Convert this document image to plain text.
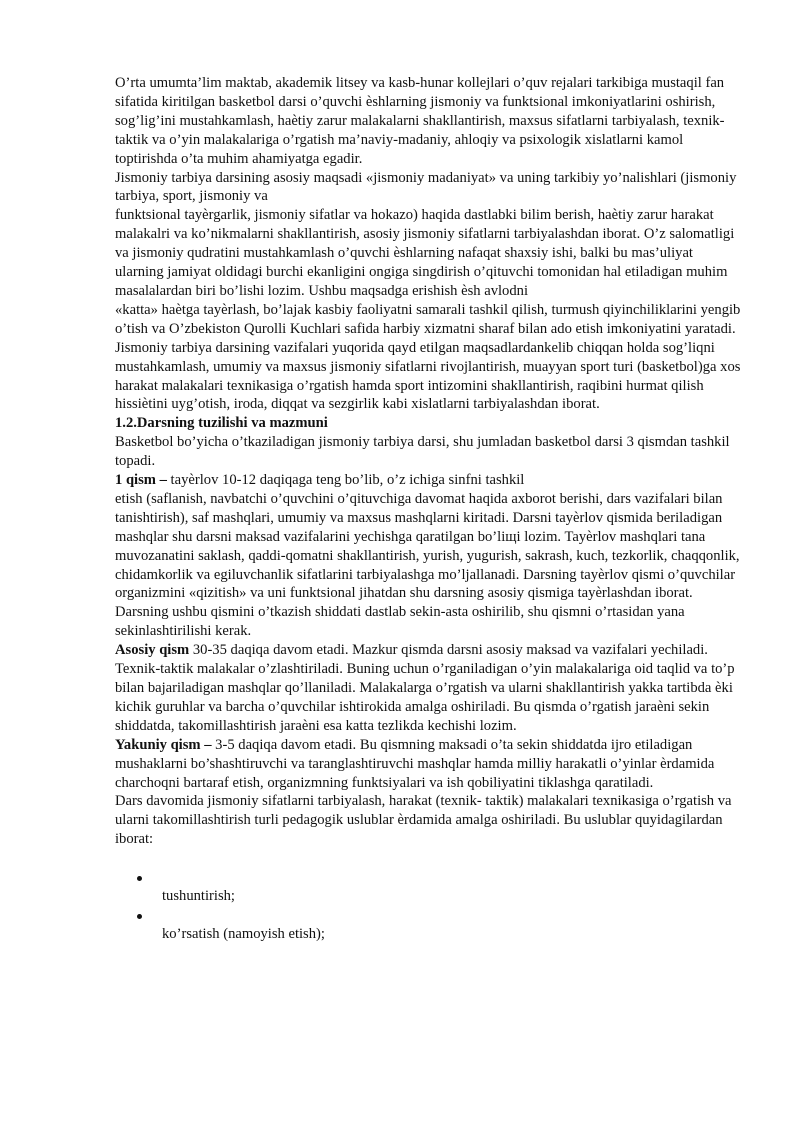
O’rta umumta’lim maktab, akademik litsey va kasb-hunar kollejlari o’quv rejalari tarkibiga mustaqil fan sifatida kiritilgan basketbol darsi o’quvchi èshlarning jismoniy va funktsional imkoniyatlarini oshirish, sog’lig’ini mustahkamlash, haètiy zarur malakalarni shakllantirish, maxsus sifatlarni tarbiyalash, texnik-taktik va o’yin malakalariga o’rgatish ma’naviy-madaniy, ahloqiy va psixologik xislatlarni kamol toptirishda o’ta muhim ahamiyatga egadir.

Jismoniy tarbiya darsining asosiy maqsadi «jismoniy madaniyat» va uning tarkibiy yo’nalishlari (jismoniy tarbiya, sport, jismoniy va

funktsional tayèrgarlik, jismoniy sifatlar va hokazo) haqida dastlabki bilim berish, haètiy zarur harakat malakalri va ko’nikmalarni shakllantirish, asosiy jismoniy sifatlarni tarbiyalashdan iborat. O’z salomatligi va jismoniy qudratini mustahkamlash o’quvchi èshlarning nafaqat shaxsiy ishi, balki bu mas’uliyat ularning jamiyat oldidagi burchi ekanligini ongiga singdirish o’qituvchi tomonidan hal etiladigan muhim masalalardan biri bo’lishi lozim. Ushbu maqsadga erishish èsh avlodni

«katta» haètga tayèrlash, bo’lajak kasbiy faoliyatni samarali tashkil qilish, turmush qiyinchiliklarini yengib o’tish va O’zbekiston Qurolli Kuchlari safida harbiy xizmatni sharaf bilan ado etish imkoniyatini yaratadi.

Jismoniy tarbiya darsining vazifalari yuqorida qayd etilgan maqsadlardankelib chiqqan holda sog’liqni mustahkamlash, umumiy va maxsus jismoniy sifatlarni rivojlantirish, muayyan sport turi (basketbol)ga xos harakat malakalari texnikasiga o’rgatish hamda sport intizomini shakllantirish, raqibini hurmat qilish hissiètini uyg’otish, iroda, diqqat va sezgirlik kabi xislatlarni tarbiyalashdan iborat.

1.2.Darsning tuzilishi va mazmuni

Basketbol bo’yicha o’tkaziladigan jismoniy tarbiya darsi, shu jumladan basketbol darsi 3 qismdan tashkil topadi.

1 qism – tayèrlov 10-12 daqiqaga teng bo’lib, o’z ichiga sinfni tashkil

etish (saflanish, navbatchi o’quvchini o’qituvchiga davomat haqida axborot berishi, dars vazifalari bilan tanishtirish), saf mashqlari, umumiy va maxsus mashqlarni kiritadi. Darsni tayèrlov qismida beriladigan mashqlar shu darsni maksad vazifalarini yechishga qaratilgan bo’liщi lozim. Tayèrlov mashqlari tana muvozanatini saklash, qaddi-qomatni shakllantirish, yurish, yugurish, sakrash, kuch, tezkorlik, chaqqonlik, chidamkorlik va egiluvchanlik sifatlarini tarbiyalashga mo’ljallanadi. Darsning tayèrlov qismi o’quvchilar organizmini «qizitish» va uni funktsional jihatdan shu darsning asosiy qismiga tayèrlashdan iborat. Darsning ushbu qismini o’tkazish shiddati dastlab sekin-asta oshirilib, shu qismni o’rtasidan yana sekinlashtirilishi kerak.

Asosiy qism 30-35 daqiqa davom etadi. Mazkur qismda darsni asosiy maksad va vazifalari yechiladi. Texnik-taktik malakalar o’zlashtiriladi. Buning uchun o’rganiladigan o’yin malakalariga oid taqlid va to’p bilan bajariladigan mashqlar qo’llaniladi. Malakalarga o’rgatish va ularni shakllantirish yakka tartibda èki kichik guruhlar va barcha o’quvchilar ishtirokida amalga oshiriladi. Bu qismda o’rgatish jaraèni sekin shiddatda, takomillashtirish jaraèni esa katta tezlikda kechishi lozim.

Yakuniy qism – 3-5 daqiqa davom etadi. Bu qismning maksadi o’ta sekin shiddatda ijro etiladigan mushaklarni bo’shashtiruvchi va taranglashtiruvchi mashqlar hamda milliy harakatli o’yinlar èrdamida charchoqni bartaraf etish, organizmning funktsiyalari va ish qobiliyatini tiklashga qaratiladi.

Dars davomida jismoniy sifatlarni tarbiyalash, harakat (texnik- taktik) malakalari texnikasiga o’rgatish va ularni takomillashtirish turli pedagogik uslublar èrdamida amalga oshiriladi. Bu uslublar quyidagilardan iborat:

tushuntirish;
ko’rsatish (namoyish etish);
